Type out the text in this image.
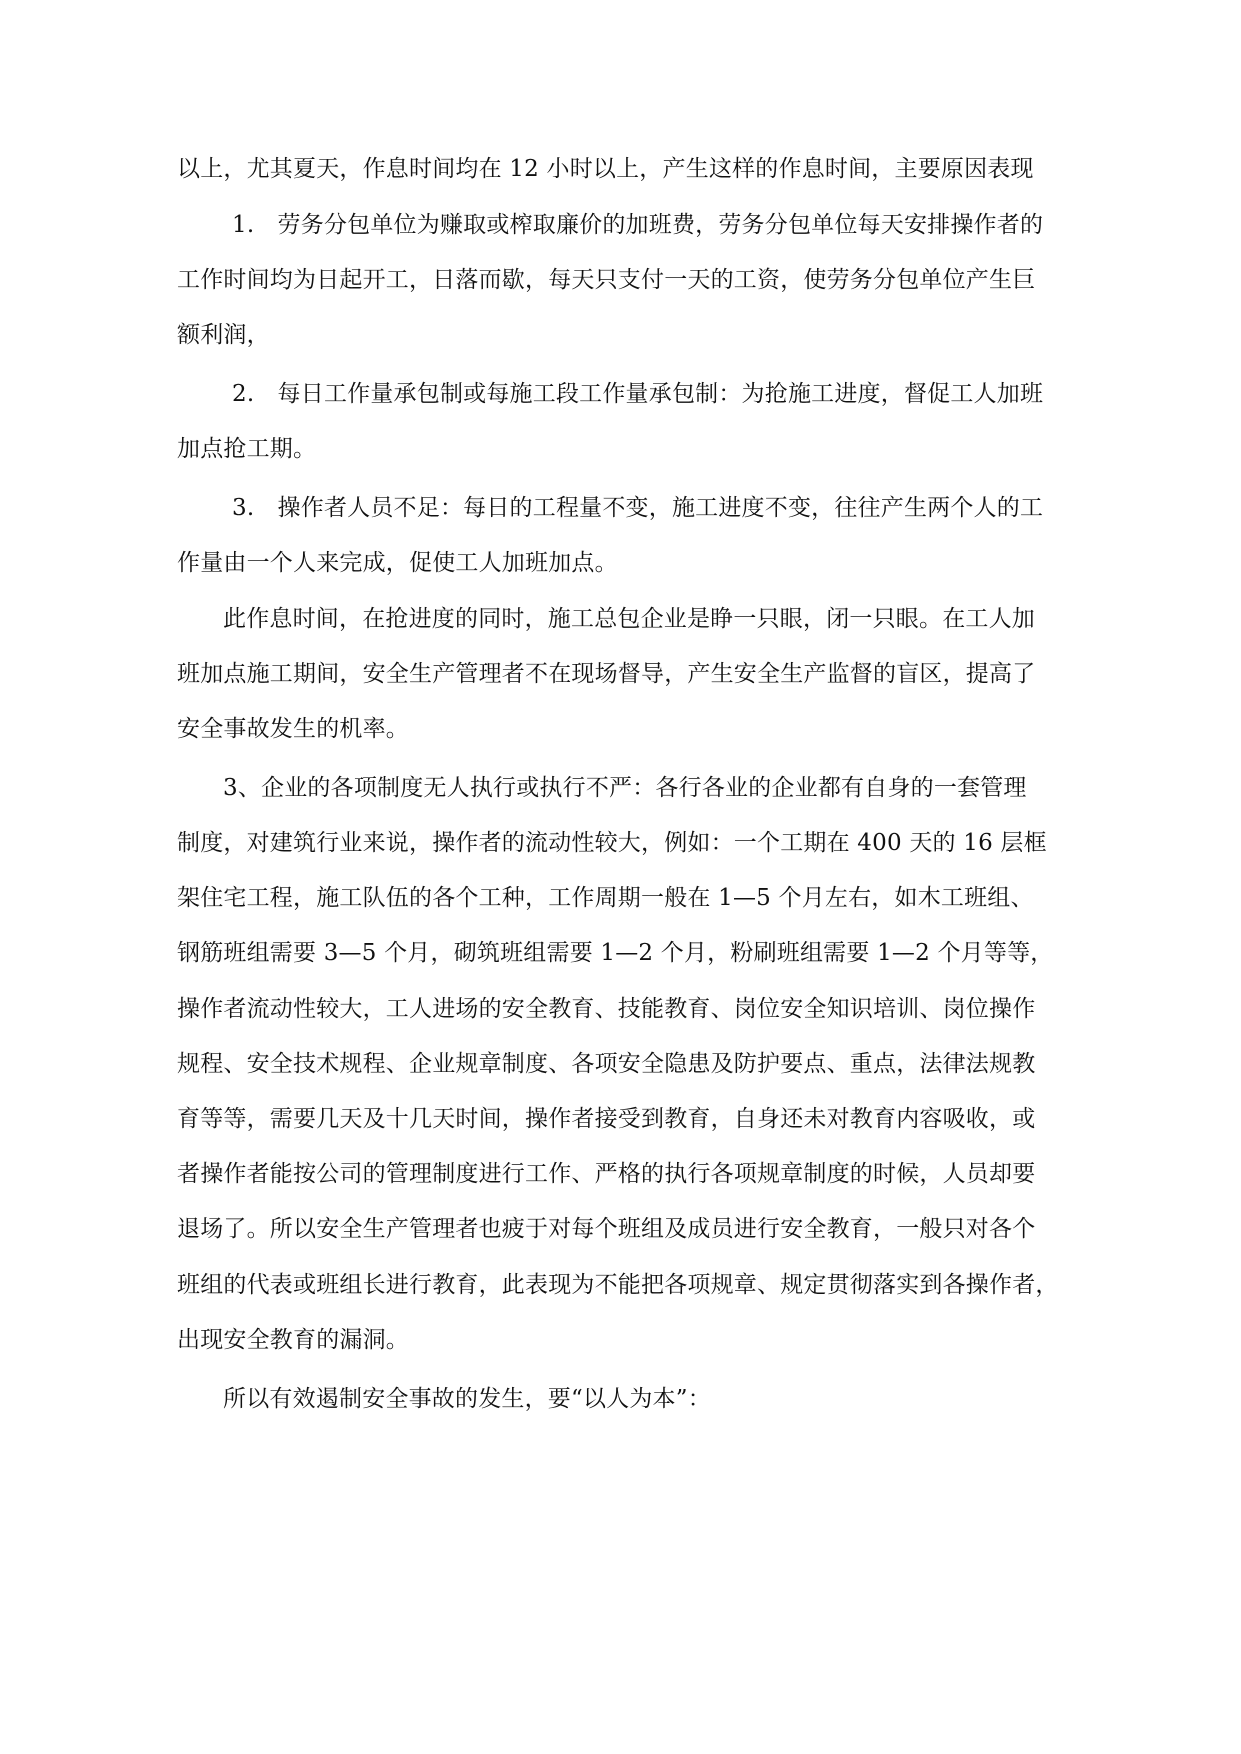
以上，尤其夏天，作息时间均在 12 小时以上，产生这样的作息时间，主要原因表现
1.　劳务分包单位为赚取或榨取廉价的加班费，劳务分包单位每天安排操作者的
工作时间均为日起开工，日落而歇，每天只支付一天的工资，使劳务分包单位产生巨
额利润，
2.　每日工作量承包制或每施工段工作量承包制：为抢施工进度，督促工人加班
加点抢工期。
3.　操作者人员不足：每日的工程量不变，施工进度不变，往往产生两个人的工
作量由一个人来完成，促使工人加班加点。
此作息时间，在抢进度的同时，施工总包企业是睁一只眼，闭一只眼。在工人加
班加点施工期间，安全生产管理者不在现场督导，产生安全生产监督的盲区，提高了
安全事故发生的机率。
3、企业的各项制度无人执行或执行不严：各行各业的企业都有自身的一套管理
制度，对建筑行业来说，操作者的流动性较大，例如：一个工期在 400 天的 16 层框
架住宅工程，施工队伍的各个工种，工作周期一般在 1—5 个月左右，如木工班组、
钢筋班组需要 3—5 个月，砌筑班组需要 1—2 个月，粉刷班组需要 1—2 个月等等，
操作者流动性较大，工人进场的安全教育、技能教育、岗位安全知识培训、岗位操作
规程、安全技术规程、企业规章制度、各项安全隐患及防护要点、重点，法律法规教
育等等，需要几天及十几天时间，操作者接受到教育，自身还未对教育内容吸收，或
者操作者能按公司的管理制度进行工作、严格的执行各项规章制度的时候，人员却要
退场了。所以安全生产管理者也疲于对每个班组及成员进行安全教育，一般只对各个
班组的代表或班组长进行教育，此表现为不能把各项规章、规定贯彻落实到各操作者，
出现安全教育的漏洞。
所以有效遏制安全事故的发生，要“以人为本”：
